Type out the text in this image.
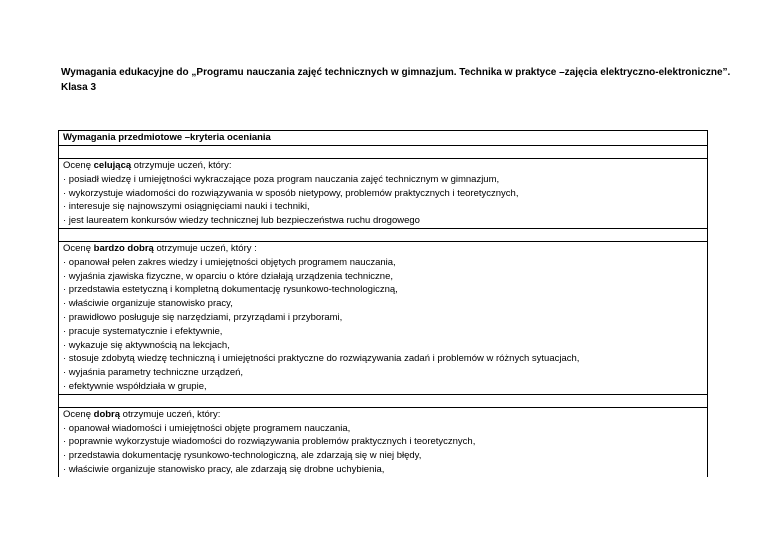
Wymagania edukacyjne do „Programu nauczania zajęć technicznych w gimnazjum. Technika w praktyce –zajęcia elektryczno-elektroniczne”.
Klasa 3
Wymagania przedmiotowe –kryteria oceniania

Ocenę celującą otrzymuje uczeń, który:
· posiadł wiedzę i umiejętności wykraczające poza program nauczania zajęć technicznym w gimnazjum,
· wykorzystuje wiadomości do rozwiązywania w sposób nietypowy, problemów praktycznych i teoretycznych,
· interesuje się najnowszymi osiągnięciami nauki i techniki,
· jest laureatem konkursów wiedzy technicznej lub bezpieczeństwa ruchu drogowego

Ocenę bardzo dobrą otrzymuje uczeń, który :
· opanował pełen zakres wiedzy i umiejętności objętych programem nauczania,
· wyjaśnia zjawiska fizyczne, w oparciu o które działają urządzenia techniczne,
· przedstawia estetyczną i kompletną dokumentację rysunkowo-technologiczną,
· właściwie organizuje stanowisko pracy,
· prawidłowo posługuje się narzędziami, przyrządami i przyborami,
· pracuje systematycznie i efektywnie,
· wykazuje się aktywnością na lekcjach,
· stosuje zdobytą wiedzę techniczną i umiejętności praktyczne do rozwiązywania zadań i problemów w różnych sytuacjach,
· wyjaśnia parametry techniczne urządzeń,
· efektywnie współdziała w grupie,

Ocenę dobrą otrzymuje uczeń, który:
· opanował wiadomości i umiejętności objęte programem nauczania,
· poprawnie wykorzystuje wiadomości do rozwiązywania problemów praktycznych i teoretycznych,
· przedstawia dokumentację rysunkowo-technologiczną, ale zdarzają się w niej błędy,
· właściwie organizuje stanowisko pracy, ale zdarzają się drobne uchybienia,
